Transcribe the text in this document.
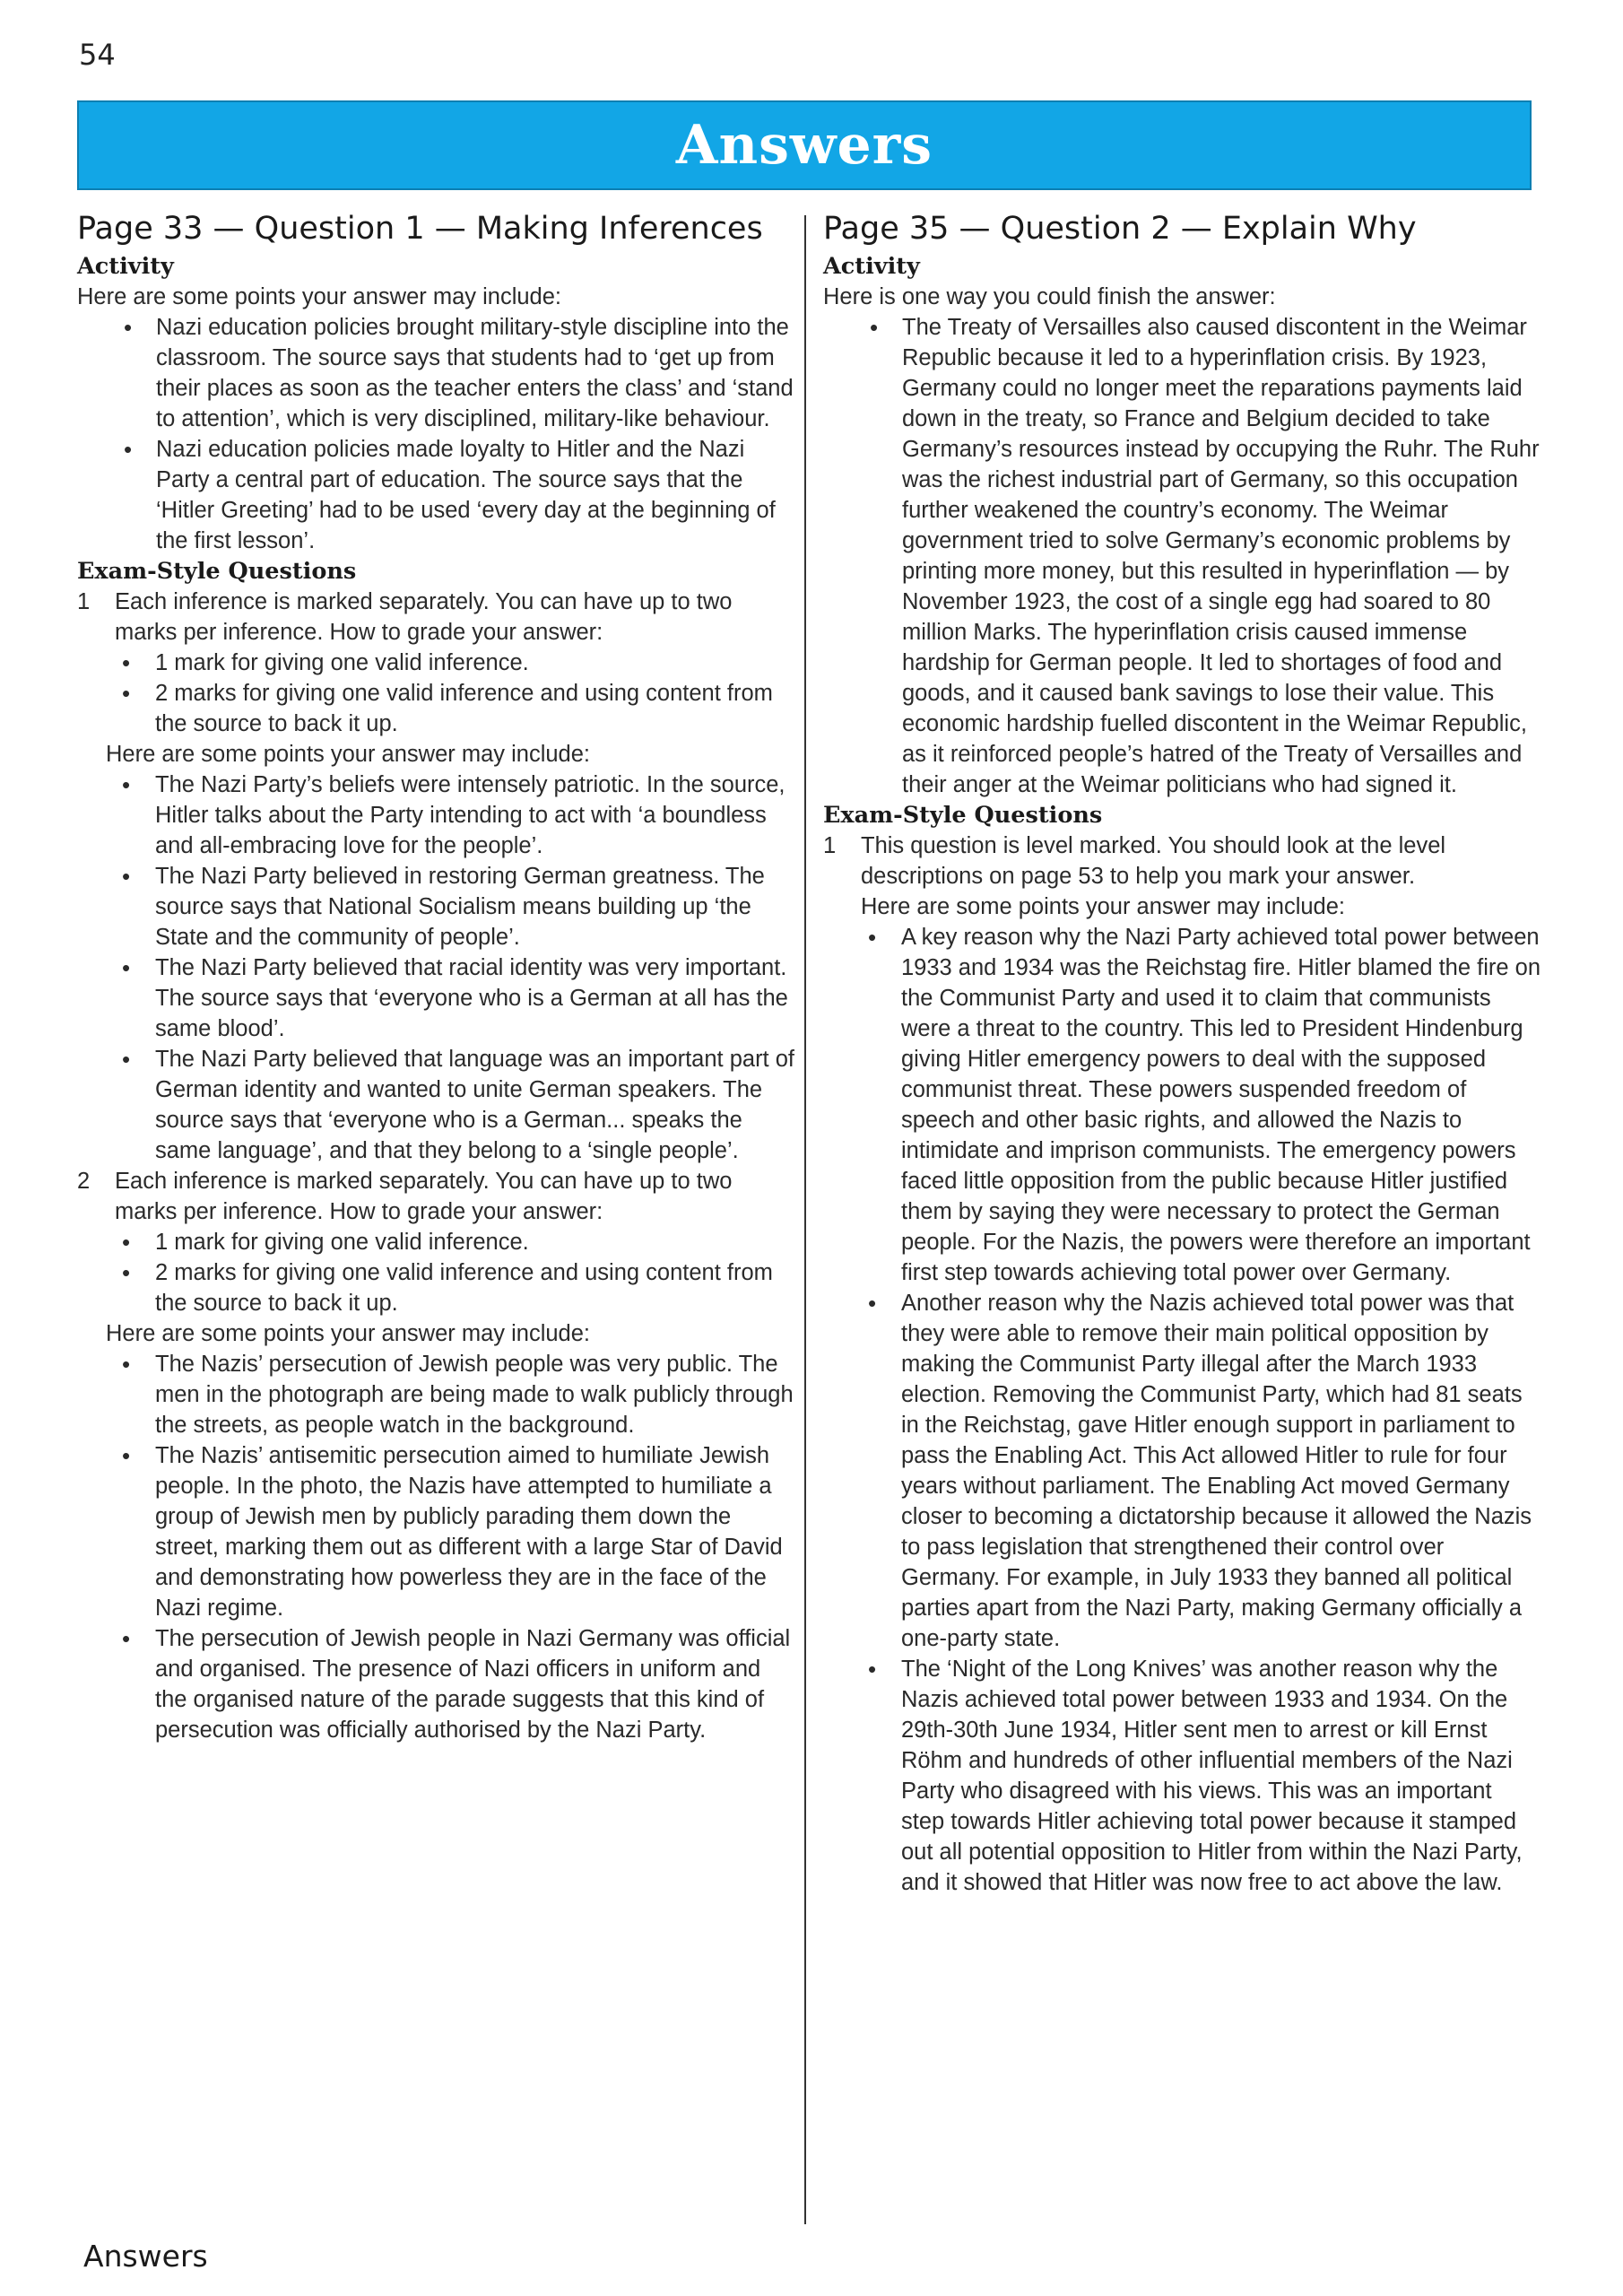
54
Answers
Page 33 — Question 1 — Making Inferences
Activity

Here are some points your answer may include:

• Nazi education policies brought military-style discipline into the classroom. The source says that students had to ‘get up from their places as soon as the teacher enters the class’ and ‘stand to attention’, which is very disciplined, military-like behaviour.
• Nazi education policies made loyalty to Hitler and the Nazi Party a central part of education. The source says that the ‘Hitler Greeting’ had to be used ‘every day at the beginning of the first lesson’.
Exam-Style Questions
1 Each inference is marked separately. You can have up to two marks per inference. How to grade your answer:

• 1 mark for giving one valid inference.
• 2 marks for giving one valid inference and using content from the source to back it up.

Here are some points your answer may include:

• The Nazi Party’s beliefs were intensely patriotic. In the source, Hitler talks about the Party intending to act with ‘a boundless and all-embracing love for the people’.
• The Nazi Party believed in restoring German greatness. The source says that National Socialism means building up ‘the State and the community of people’.
• The Nazi Party believed that racial identity was very important. The source says that ‘everyone who is a German at all has the same blood’.
• The Nazi Party believed that language was an important part of German identity and wanted to unite German speakers. The source says that ‘everyone who is a German... speaks the same language’, and that they belong to a ‘single people’.
2 Each inference is marked separately. You can have up to two marks per inference. How to grade your answer:

• 1 mark for giving one valid inference.
• 2 marks for giving one valid inference and using content from the source to back it up.

Here are some points your answer may include:

• The Nazis’ persecution of Jewish people was very public. The men in the photograph are being made to walk publicly through the streets, as people watch in the background.
• The Nazis’ antisemitic persecution aimed to humiliate Jewish people. In the photo, the Nazis have attempted to humiliate a group of Jewish men by publicly parading them down the street, marking them out as different with a large Star of David and demonstrating how powerless they are in the face of the Nazi regime.
• The persecution of Jewish people in Nazi Germany was official and organised. The presence of Nazi officers in uniform and the organised nature of the parade suggests that this kind of persecution was officially authorised by the Nazi Party.
Page 35 — Question 2 — Explain Why
Activity

Here is one way you could finish the answer:

• The Treaty of Versailles also caused discontent in the Weimar Republic because it led to a hyperinflation crisis. By 1923, Germany could no longer meet the reparations payments laid down in the treaty, so France and Belgium decided to take Germany’s resources instead by occupying the Ruhr. The Ruhr was the richest industrial part of Germany, so this occupation further weakened the country’s economy. The Weimar government tried to solve Germany’s economic problems by printing more money, but this resulted in hyperinflation — by November 1923, the cost of a single egg had soared to 80 million Marks. The hyperinflation crisis caused immense hardship for German people. It led to shortages of food and goods, and it caused bank savings to lose their value. This economic hardship fuelled discontent in the Weimar Republic, as it reinforced people’s hatred of the Treaty of Versailles and their anger at the Weimar politicians who had signed it.
Exam-Style Questions
1 This question is level marked. You should look at the level descriptions on page 53 to help you mark your answer.

Here are some points your answer may include:

• A key reason why the Nazi Party achieved total power between 1933 and 1934 was the Reichstag fire. Hitler blamed the fire on the Communist Party and used it to claim that communists were a threat to the country. This led to President Hindenburg giving Hitler emergency powers to deal with the supposed communist threat. These powers suspended freedom of speech and other basic rights, and allowed the Nazis to intimidate and imprison communists. The emergency powers faced little opposition from the public because Hitler justified them by saying they were necessary to protect the German people. For the Nazis, the powers were therefore an important first step towards achieving total power over Germany.
• Another reason why the Nazis achieved total power was that they were able to remove their main political opposition by making the Communist Party illegal after the March 1933 election. Removing the Communist Party, which had 81 seats in the Reichstag, gave Hitler enough support in parliament to pass the Enabling Act. This Act allowed Hitler to rule for four years without parliament. The Enabling Act moved Germany closer to becoming a dictatorship because it allowed the Nazis to pass legislation that strengthened their control over Germany. For example, in July 1933 they banned all political parties apart from the Nazi Party, making Germany officially a one-party state.
• The ‘Night of the Long Knives’ was another reason why the Nazis achieved total power between 1933 and 1934. On the 29th-30th June 1934, Hitler sent men to arrest or kill Ernst Röhm and hundreds of other influential members of the Nazi Party who disagreed with his views. This was an important step towards Hitler achieving total power because it stamped out all potential opposition to Hitler from within the Nazi Party, and it showed that Hitler was now free to act above the law.
Answers
